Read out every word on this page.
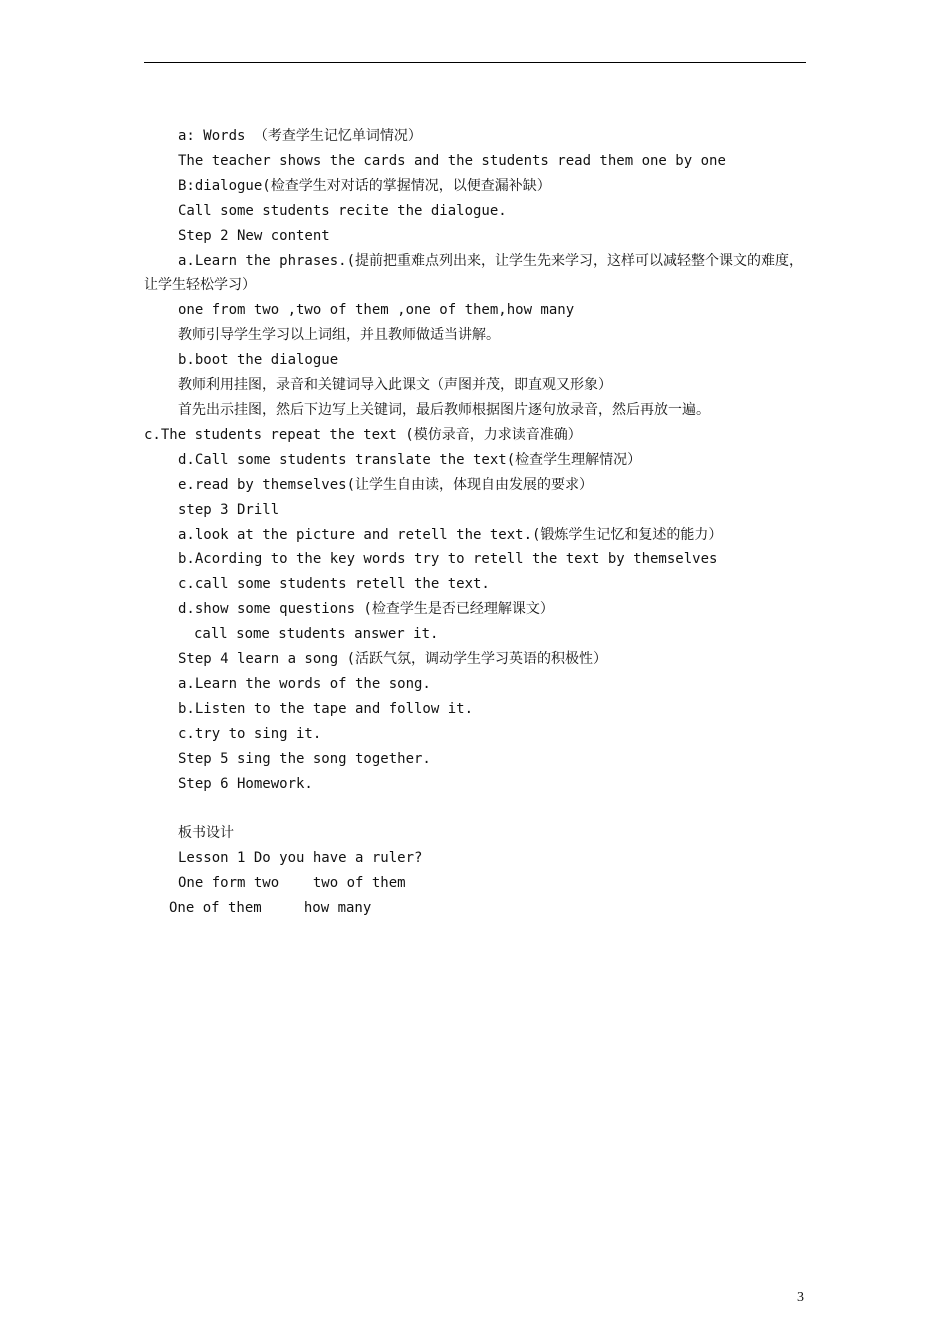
a: Words （考查学生记忆单词情况）
The teacher shows the cards and the students read them one by one
B:dialogue(检查学生对对话的掌握情况，以便查漏补缺）
Call some students recite the dialogue.
Step 2 New content
a.Learn the phrases.(提前把重难点列出来，让学生先来学习，这样可以减轻整个课文的难度，让学生轻松学习）
one from two ,two of them ,one of them,how many
教师引导学生学习以上词组，并且教师做适当讲解。
b.boot the dialogue
教师利用挂图，录音和关键词导入此课文（声图并茂，即直观又形象）
首先出示挂图，然后下边写上关键词，最后教师根据图片逐句放录音，然后再放一遍。
c.The students repeat the text (模仿录音，力求读音准确）
d.Call some students translate the text(检查学生理解情况）
e.read by themselves(让学生自由读，体现自由发展的要求）
step 3 Drill
a.look at the picture and retell the text.(锻炼学生记忆和复述的能力）
b.Acording to the key words try to retell the text by themselves
c.call some students retell the text.
d.show some questions (检查学生是否已经理解课文）
call some students answer it.
Step 4 learn a song (活跃气氛，调动学生学习英语的积极性）
a.Learn the words of the song.
b.Listen to the tape and follow it.
c.try to sing it.
Step 5 sing the song together.
Step 6 Homework.
板书设计
Lesson 1 Do you have a ruler?
One form two    two of them
One of them     how many
3
